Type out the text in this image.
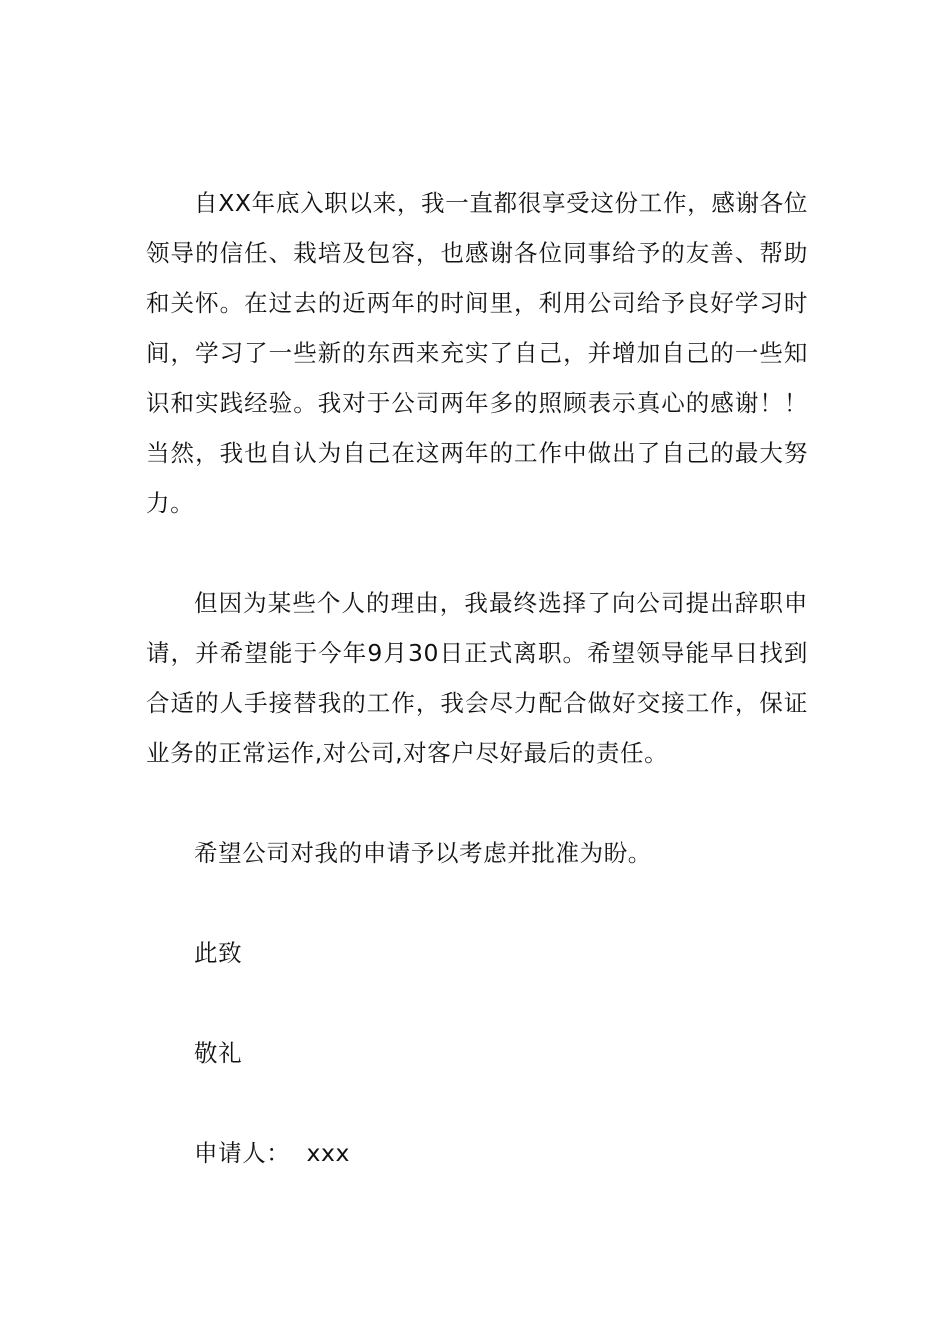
自XX年底入职以来，我一直都很享受这份工作，感谢各位领导的信任、栽培及包容，也感谢各位同事给予的友善、帮助和关怀。在过去的近两年的时间里，利用公司给予良好学习时间，学习了一些新的东西来充实了自己，并增加自己的一些知识和实践经验。我对于公司两年多的照顾表示真心的感谢！！当然，我也自认为自己在这两年的工作中做出了自己的最大努力。

但因为某些个人的理由，我最终选择了向公司提出辞职申请，并希望能于今年9月30日正式离职。希望领导能早日找到合适的人手接替我的工作，我会尽力配合做好交接工作，保证业务的正常运作,对公司,对客户尽好最后的责任。

希望公司对我的申请予以考虑并批准为盼。

此致

敬礼

申请人： xxx
